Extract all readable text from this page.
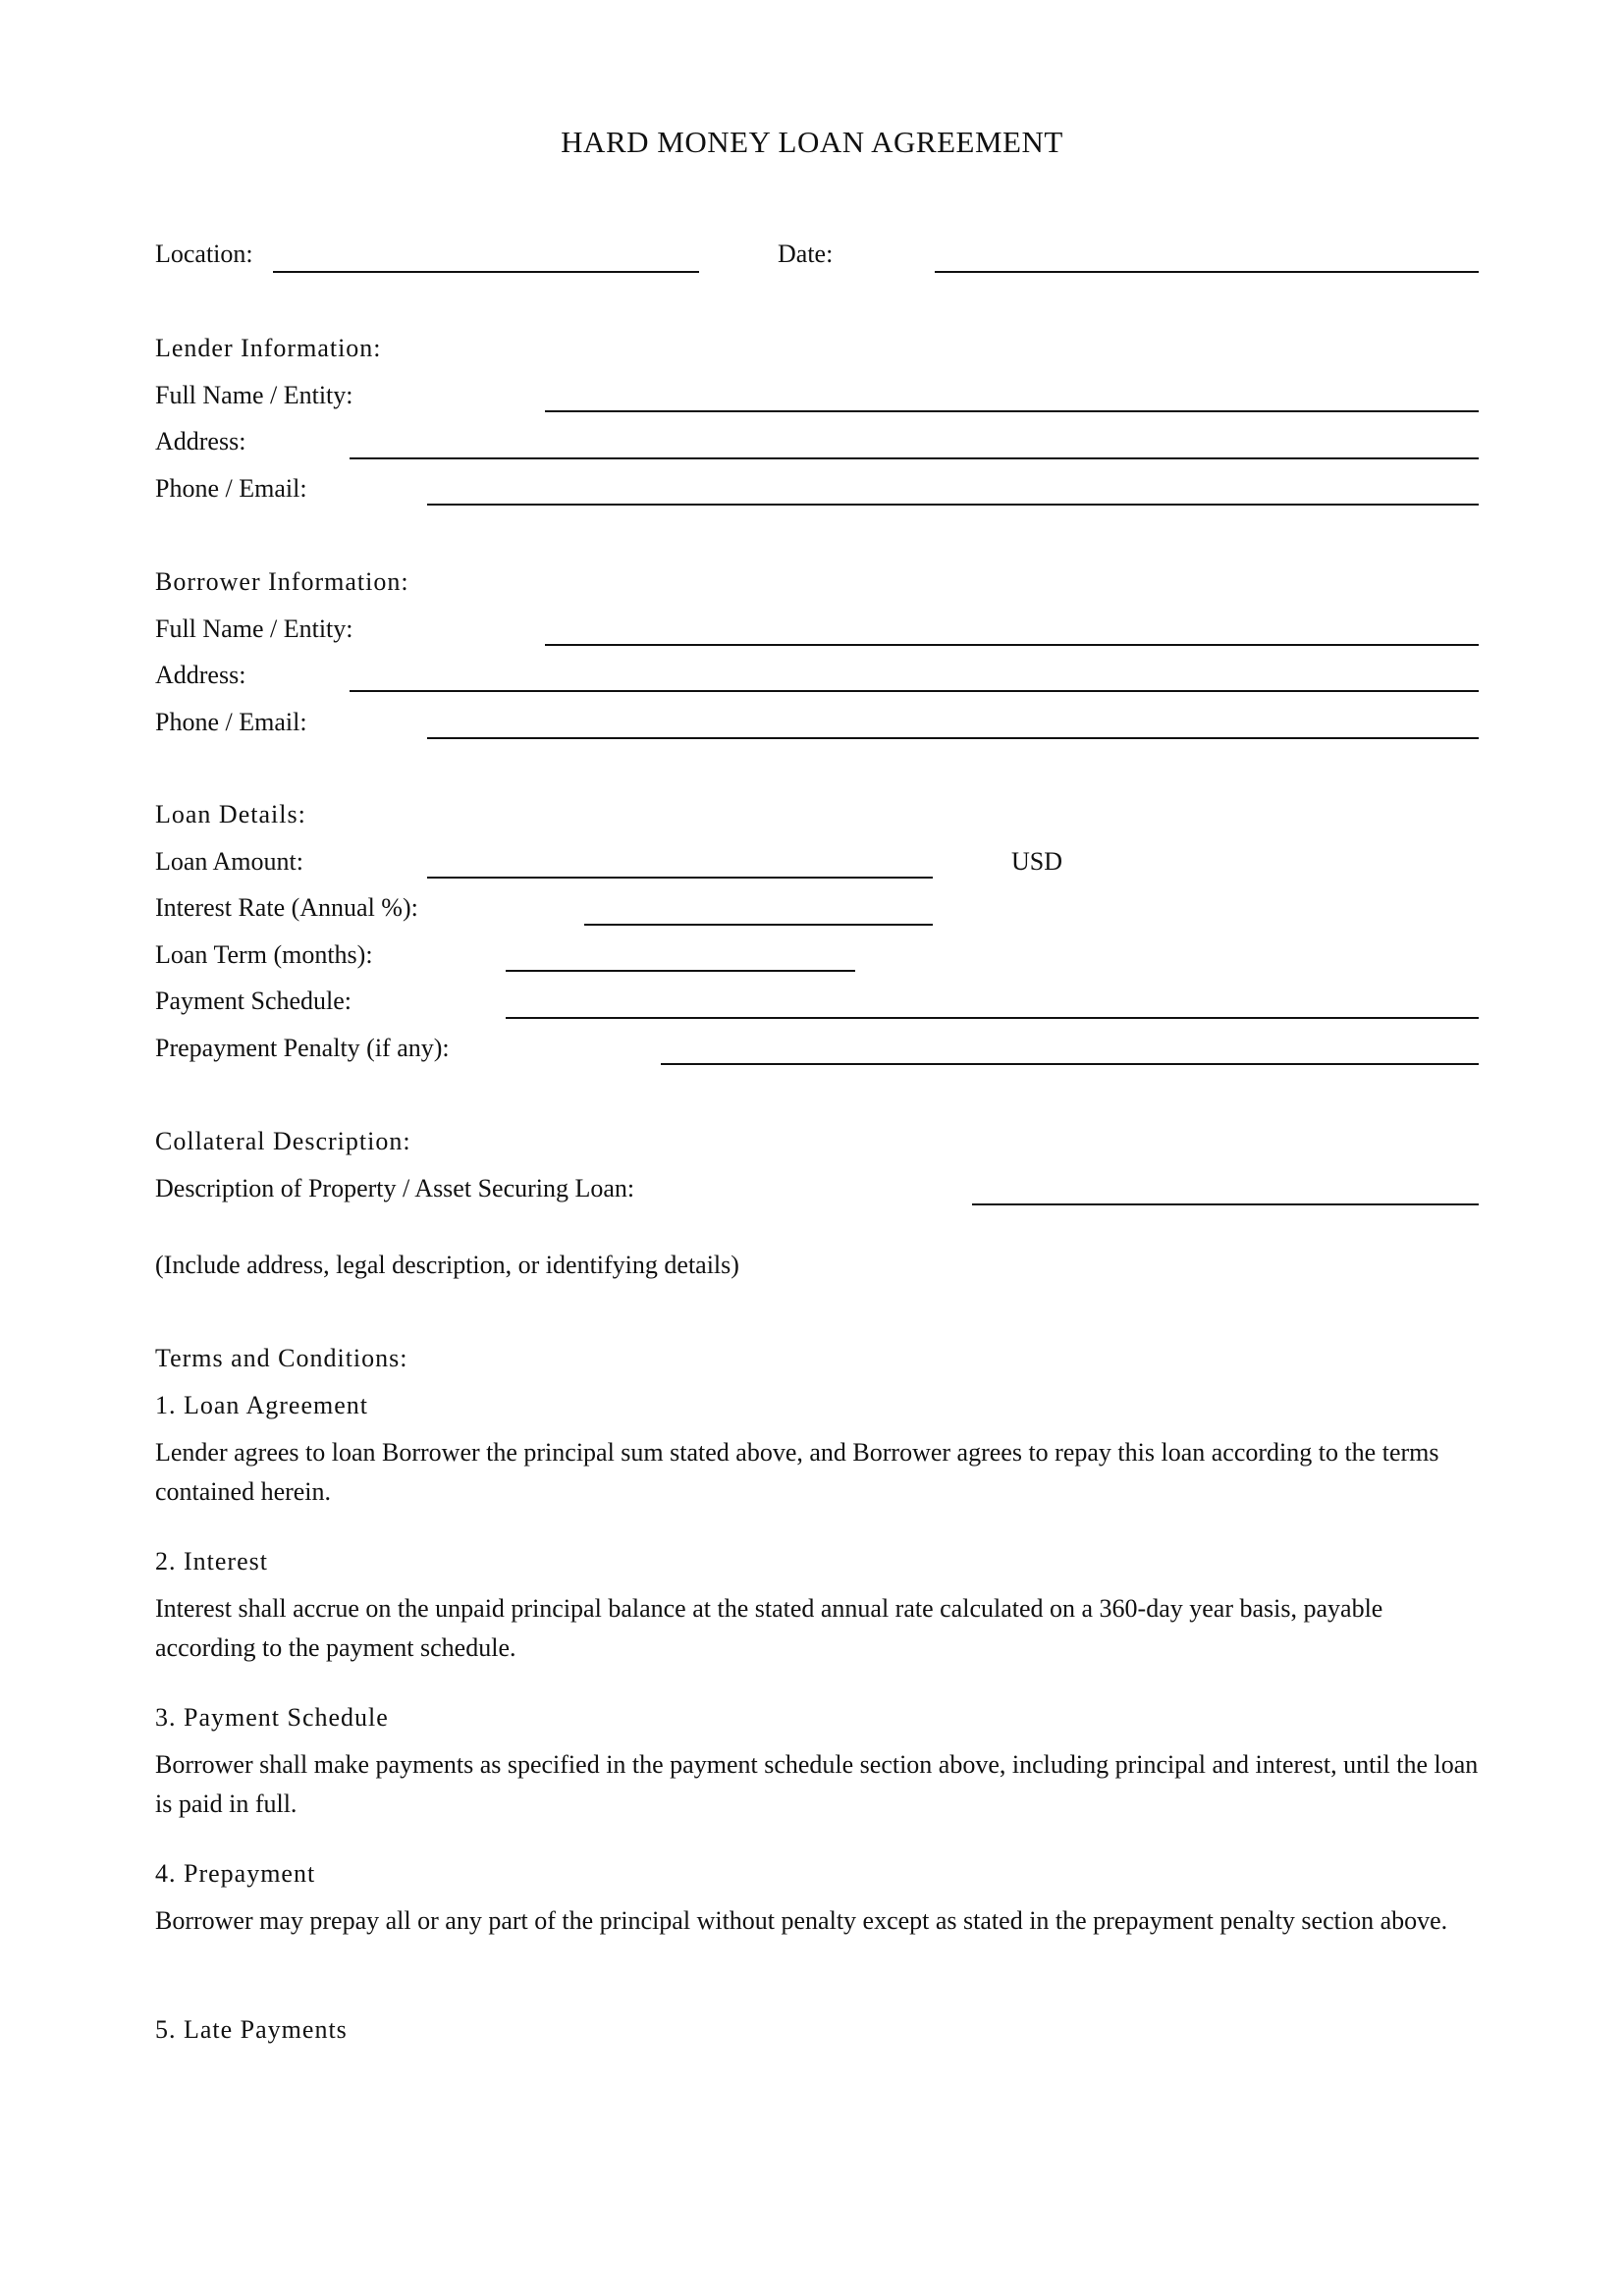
HARD MONEY LOAN AGREEMENT
Location:	Date:
Lender Information:
Full Name / Entity:
Address:
Phone / Email:
Borrower Information:
Full Name / Entity:
Address:
Phone / Email:
Loan Details:
Loan Amount:	USD
Interest Rate (Annual %):
Loan Term (months):
Payment Schedule:
Prepayment Penalty (if any):
Collateral Description:
Description of Property / Asset Securing Loan:
(Include address, legal description, or identifying details)
Terms and Conditions:
1. Loan Agreement
Lender agrees to loan Borrower the principal sum stated above, and Borrower agrees to repay this loan according to the terms contained herein.
2. Interest
Interest shall accrue on the unpaid principal balance at the stated annual rate calculated on a 360-day year basis, payable according to the payment schedule.
3. Payment Schedule
Borrower shall make payments as specified in the payment schedule section above, including principal and interest, until the loan is paid in full.
4. Prepayment
Borrower may prepay all or any part of the principal without penalty except as stated in the prepayment penalty section above.
5. Late Payments
